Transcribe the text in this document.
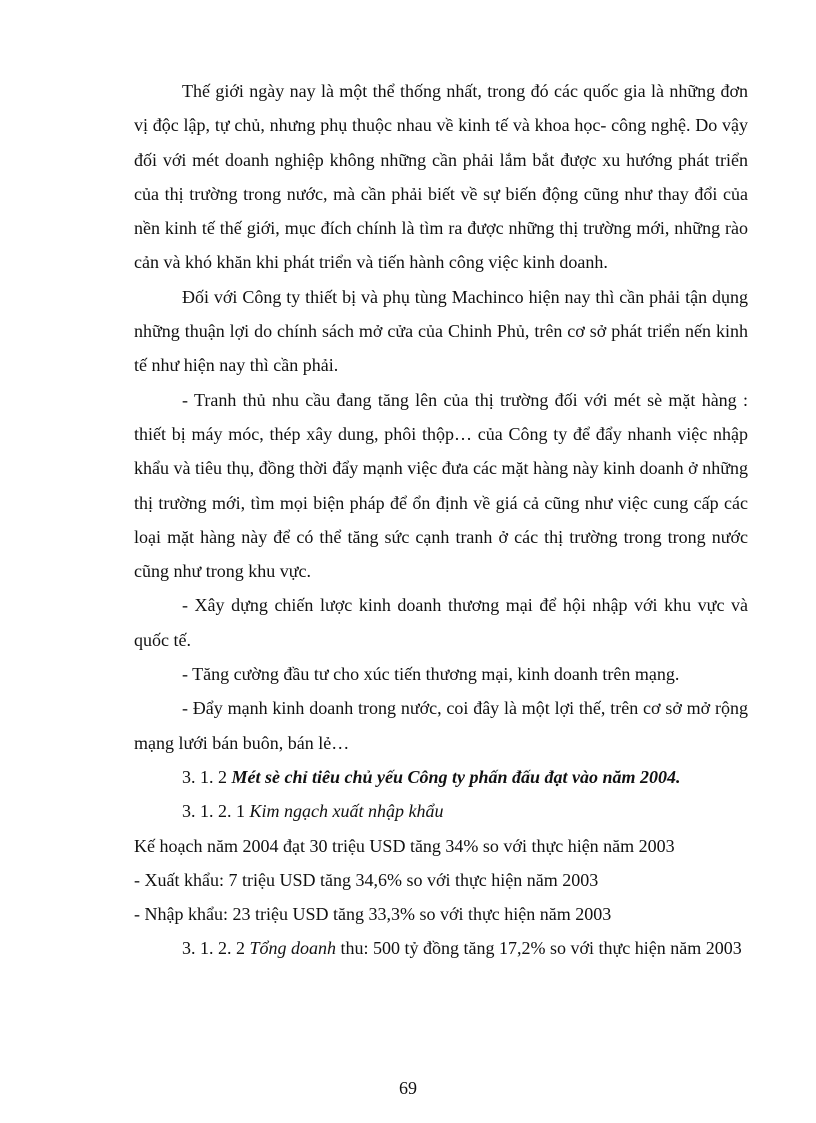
Thế giới ngày nay là một thể thống nhất, trong đó các quốc gia là những đơn vị độc lập, tự chủ, nhưng phụ thuộc nhau về kinh tế và khoa học- công nghệ. Do vậy đối với mét doanh nghiệp không những cần phải lắm bắt được xu hướng phát triển của thị trường trong nước, mà cần phải biết về sự biến động cũng như thay đổi của nền kinh tế thế giới, mục đích chính là tìm ra được những thị trường mới, những rào cản và khó khăn khi phát triển và tiến hành công việc kinh doanh.

Đối với Công ty thiết bị và phụ tùng Machinco hiện nay thì cần phải tận dụng những thuận lợi do chính sách mở cửa của Chinh Phủ, trên cơ sở phát triển nến kinh tế như hiện nay thì cần phải.

- Tranh thủ nhu cầu đang tăng lên của thị trường đối với mét sè mặt hàng : thiết bị máy móc, thép xây dung, phôi thộp… của Công ty để đẩy nhanh việc nhập khẩu và tiêu thụ, đồng thời đẩy mạnh việc đưa các mặt hàng này kinh doanh ở những thị trường mới, tìm mọi biện pháp để ổn định về giá cả cũng như việc cung cấp các loại mặt hàng này để có thể tăng sức cạnh tranh ở các thị trường trong trong nước cũng như trong khu vực.

- Xây dựng chiến lược kinh doanh thương mại để hội nhập với khu vực và quốc tế.

- Tăng cường đầu tư cho xúc tiến thương mại, kinh doanh trên mạng.

- Đẩy mạnh kinh doanh trong nước, coi đây là một lợi thế, trên cơ sở mở rộng mạng lưới bán buôn, bán lẻ…

3. 1. 2 Mét sè chỉ tiêu chủ yếu Công ty phấn đấu đạt vào năm 2004.

3. 1. 2. 1 Kim ngạch xuất nhập khẩu

Kế hoạch năm 2004 đạt 30 triệu USD tăng 34% so với thực hiện năm 2003

- Xuất khẩu: 7 triệu USD tăng 34,6% so với thực hiện năm 2003

- Nhập khẩu: 23 triệu USD tăng 33,3% so với thực hiện năm 2003

3. 1. 2. 2 Tổng doanh thu: 500 tỷ đồng tăng 17,2% so với thực hiện năm 2003

69
